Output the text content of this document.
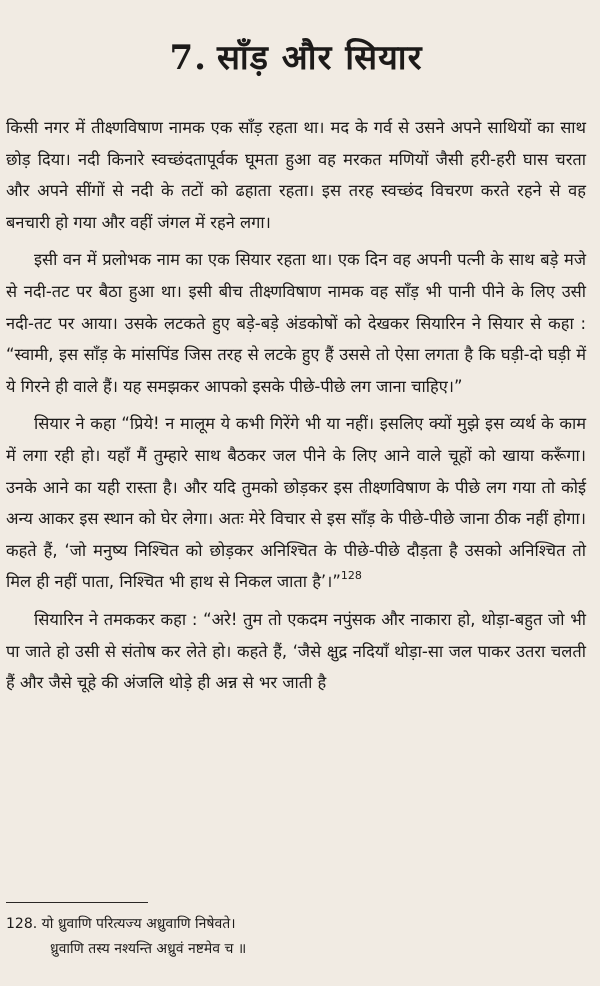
7. साँड़ और सियार

किसी नगर में तीक्ष्णविषाण नामक एक साँड़ रहता था। मद के गर्व से उसने अपने साथियों का साथ छोड़ दिया। नदी किनारे स्वच्छंदतापूर्वक घूमता हुआ वह मरकत मणियों जैसी हरी-हरी घास चरता और अपने सींगों से नदी के तटों को ढहाता रहता। इस तरह स्वच्छंद विचरण करते रहने से वह बनचारी हो गया और वहीं जंगल में रहने लगा।

इसी वन में प्रलोभक नाम का एक सियार रहता था। एक दिन वह अपनी पत्नी के साथ बड़े मजे से नदी-तट पर बैठा हुआ था। इसी बीच तीक्ष्णविषाण नामक वह साँड़ भी पानी पीने के लिए उसी नदी-तट पर आया। उसके लटकते हुए बड़े-बड़े अंडकोषों को देखकर सियारिन ने सियार से कहा : “स्वामी, इस साँड़ के मांसपिंड जिस तरह से लटके हुए हैं उससे तो ऐसा लगता है कि घड़ी-दो घड़ी में ये गिरने ही वाले हैं। यह समझकर आपको इसके पीछे-पीछे लग जाना चाहिए।”

सियार ने कहा “प्रिये! न मालूम ये कभी गिरेंगे भी या नहीं। इसलिए क्यों मुझे इस व्यर्थ के काम में लगा रही हो। यहाँ मैं तुम्हारे साथ बैठकर जल पीने के लिए आने वाले चूहों को खाया करूँगा। उनके आने का यही रास्ता है। और यदि तुमको छोड़कर इस तीक्ष्णविषाण के पीछे लग गया तो कोई अन्य आकर इस स्थान को घेर लेगा। अतः मेरे विचार से इस साँड़ के पीछे-पीछे जाना ठीक नहीं होगा। कहते हैं, ‘जो मनुष्य निश्चित को छोड़कर अनिश्चित के पीछे-पीछे दौड़ता है उसको अनिश्चित तो मिल ही नहीं पाता, निश्चित भी हाथ से निकल जाता है’।”$^{128}$

सियारिन ने तमककर कहा : “अरे! तुम तो एकदम नपुंसक और नाकारा हो, थोड़ा-बहुत जो भी पा जाते हो उसी से संतोष कर लेते हो। कहते हैं, ‘जैसे क्षुद्र नदियाँ थोड़ा-सा जल पाकर उतरा चलती हैं और जैसे चूहे की अंजलि थोड़े ही अन्न से भर जाती है

128. यो ध्रुवाणि परित्यज्य अध्रुवाणि निषेवते।
ध्रुवाणि तस्य नश्यन्ति अध्रुवं नष्टमेव च ॥
